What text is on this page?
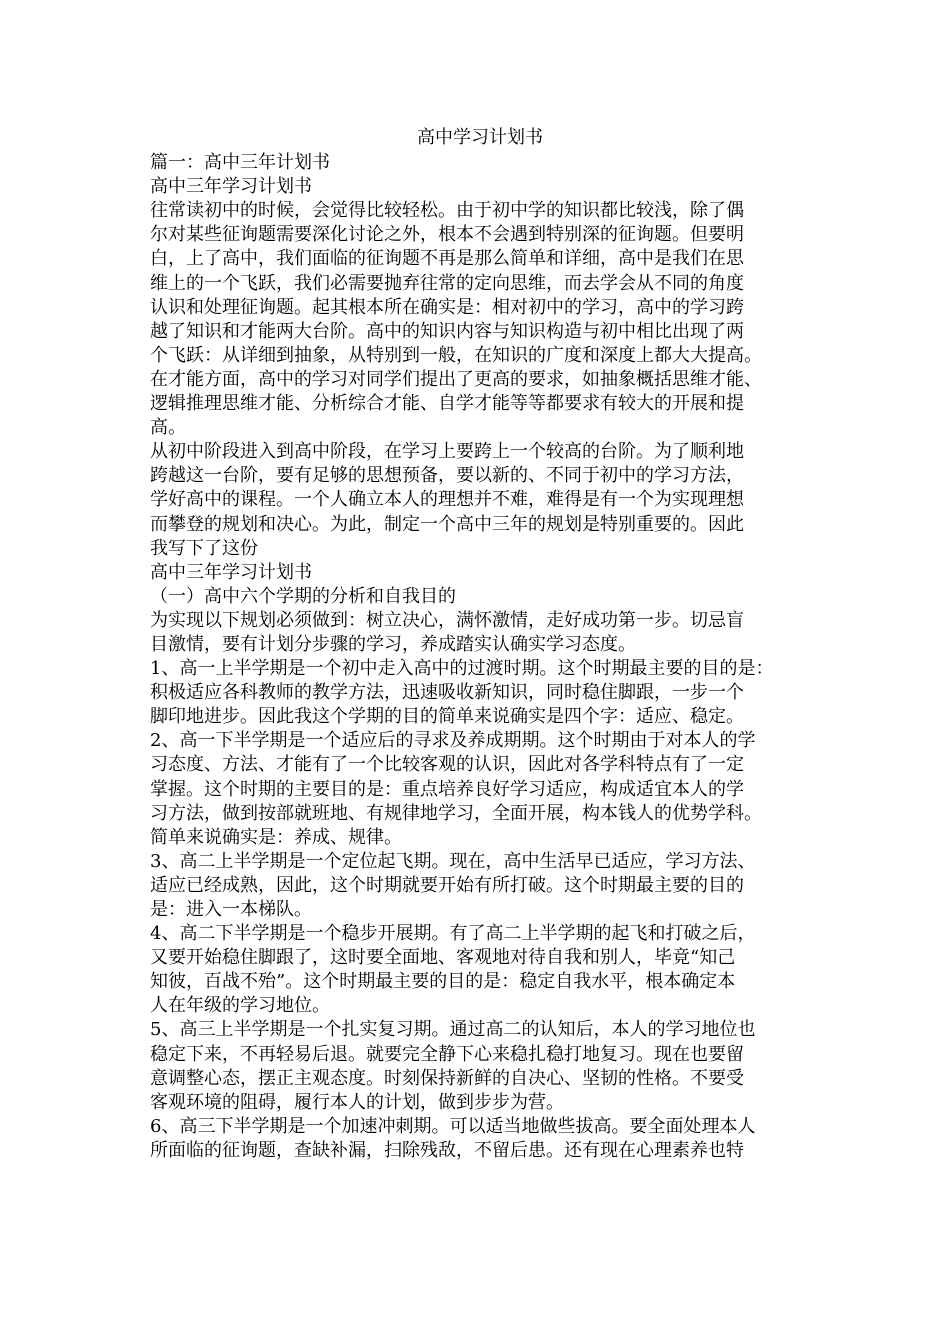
高中学习计划书
篇一：高中三年计划书
高中三年学习计划书
往常读初中的时候，会觉得比较轻松。由于初中学的知识都比较浅，除了偶
尔对某些征询题需要深化讨论之外，根本不会遇到特别深的征询题。但要明
白，上了高中，我们面临的征询题不再是那么简单和详细，高中是我们在思
维上的一个飞跃，我们必需要抛弃往常的定向思维，而去学会从不同的角度
认识和处理征询题。起其根本所在确实是：相对初中的学习，高中的学习跨
越了知识和才能两大台阶。高中的知识内容与知识构造与初中相比出现了两
个飞跃：从详细到抽象，从特别到一般，在知识的广度和深度上都大大提高。
在才能方面，高中的学习对同学们提出了更高的要求，如抽象概括思维才能、
逻辑推理思维才能、分析综合才能、自学才能等等都要求有较大的开展和提
高。
从初中阶段进入到高中阶段，在学习上要跨上一个较高的台阶。为了顺利地
跨越这一台阶，要有足够的思想预备，要以新的、不同于初中的学习方法，
学好高中的课程。一个人确立本人的理想并不难，难得是有一个为实现理想
而攀登的规划和决心。为此，制定一个高中三年的规划是特别重要的。因此
我写下了这份
高中三年学习计划书
（一）高中六个学期的分析和自我目的
为实现以下规划必须做到：树立决心，满怀激情，走好成功第一步。切忌盲
目激情，要有计划分步骤的学习，养成踏实认确实学习态度。
1、高一上半学期是一个初中走入高中的过渡时期。这个时期最主要的目的是：
积极适应各科教师的教学方法，迅速吸收新知识，同时稳住脚跟，一步一个
脚印地进步。因此我这个学期的目的简单来说确实是四个字：适应、稳定。
2、高一下半学期是一个适应后的寻求及养成期期。这个时期由于对本人的学
习态度、方法、才能有了一个比较客观的认识，因此对各学科特点有了一定
掌握。这个时期的主要目的是：重点培养良好学习适应，构成适宜本人的学
习方法，做到按部就班地、有规律地学习，全面开展，构本钱人的优势学科。
简单来说确实是：养成、规律。
3、高二上半学期是一个定位起飞期。现在，高中生活早已适应，学习方法、
适应已经成熟，因此，这个时期就要开始有所打破。这个时期最主要的目的
是：进入一本梯队。
4、高二下半学期是一个稳步开展期。有了高二上半学期的起飞和打破之后，
又要开始稳住脚跟了，这时要全面地、客观地对待自我和别人，毕竟“知己
知彼，百战不殆”。这个时期最主要的目的是：稳定自我水平，根本确定本
人在年级的学习地位。
5、高三上半学期是一个扎实复习期。通过高二的认知后，本人的学习地位也
稳定下来，不再轻易后退。就要完全静下心来稳扎稳打地复习。现在也要留
意调整心态，摆正主观态度。时刻保持新鲜的自决心、坚韧的性格。不要受
客观环境的阻碍，履行本人的计划，做到步步为营。
6、高三下半学期是一个加速冲刺期。可以适当地做些拔高。要全面处理本人
所面临的征询题，查缺补漏，扫除残敌，不留后患。还有现在心理素养也特
